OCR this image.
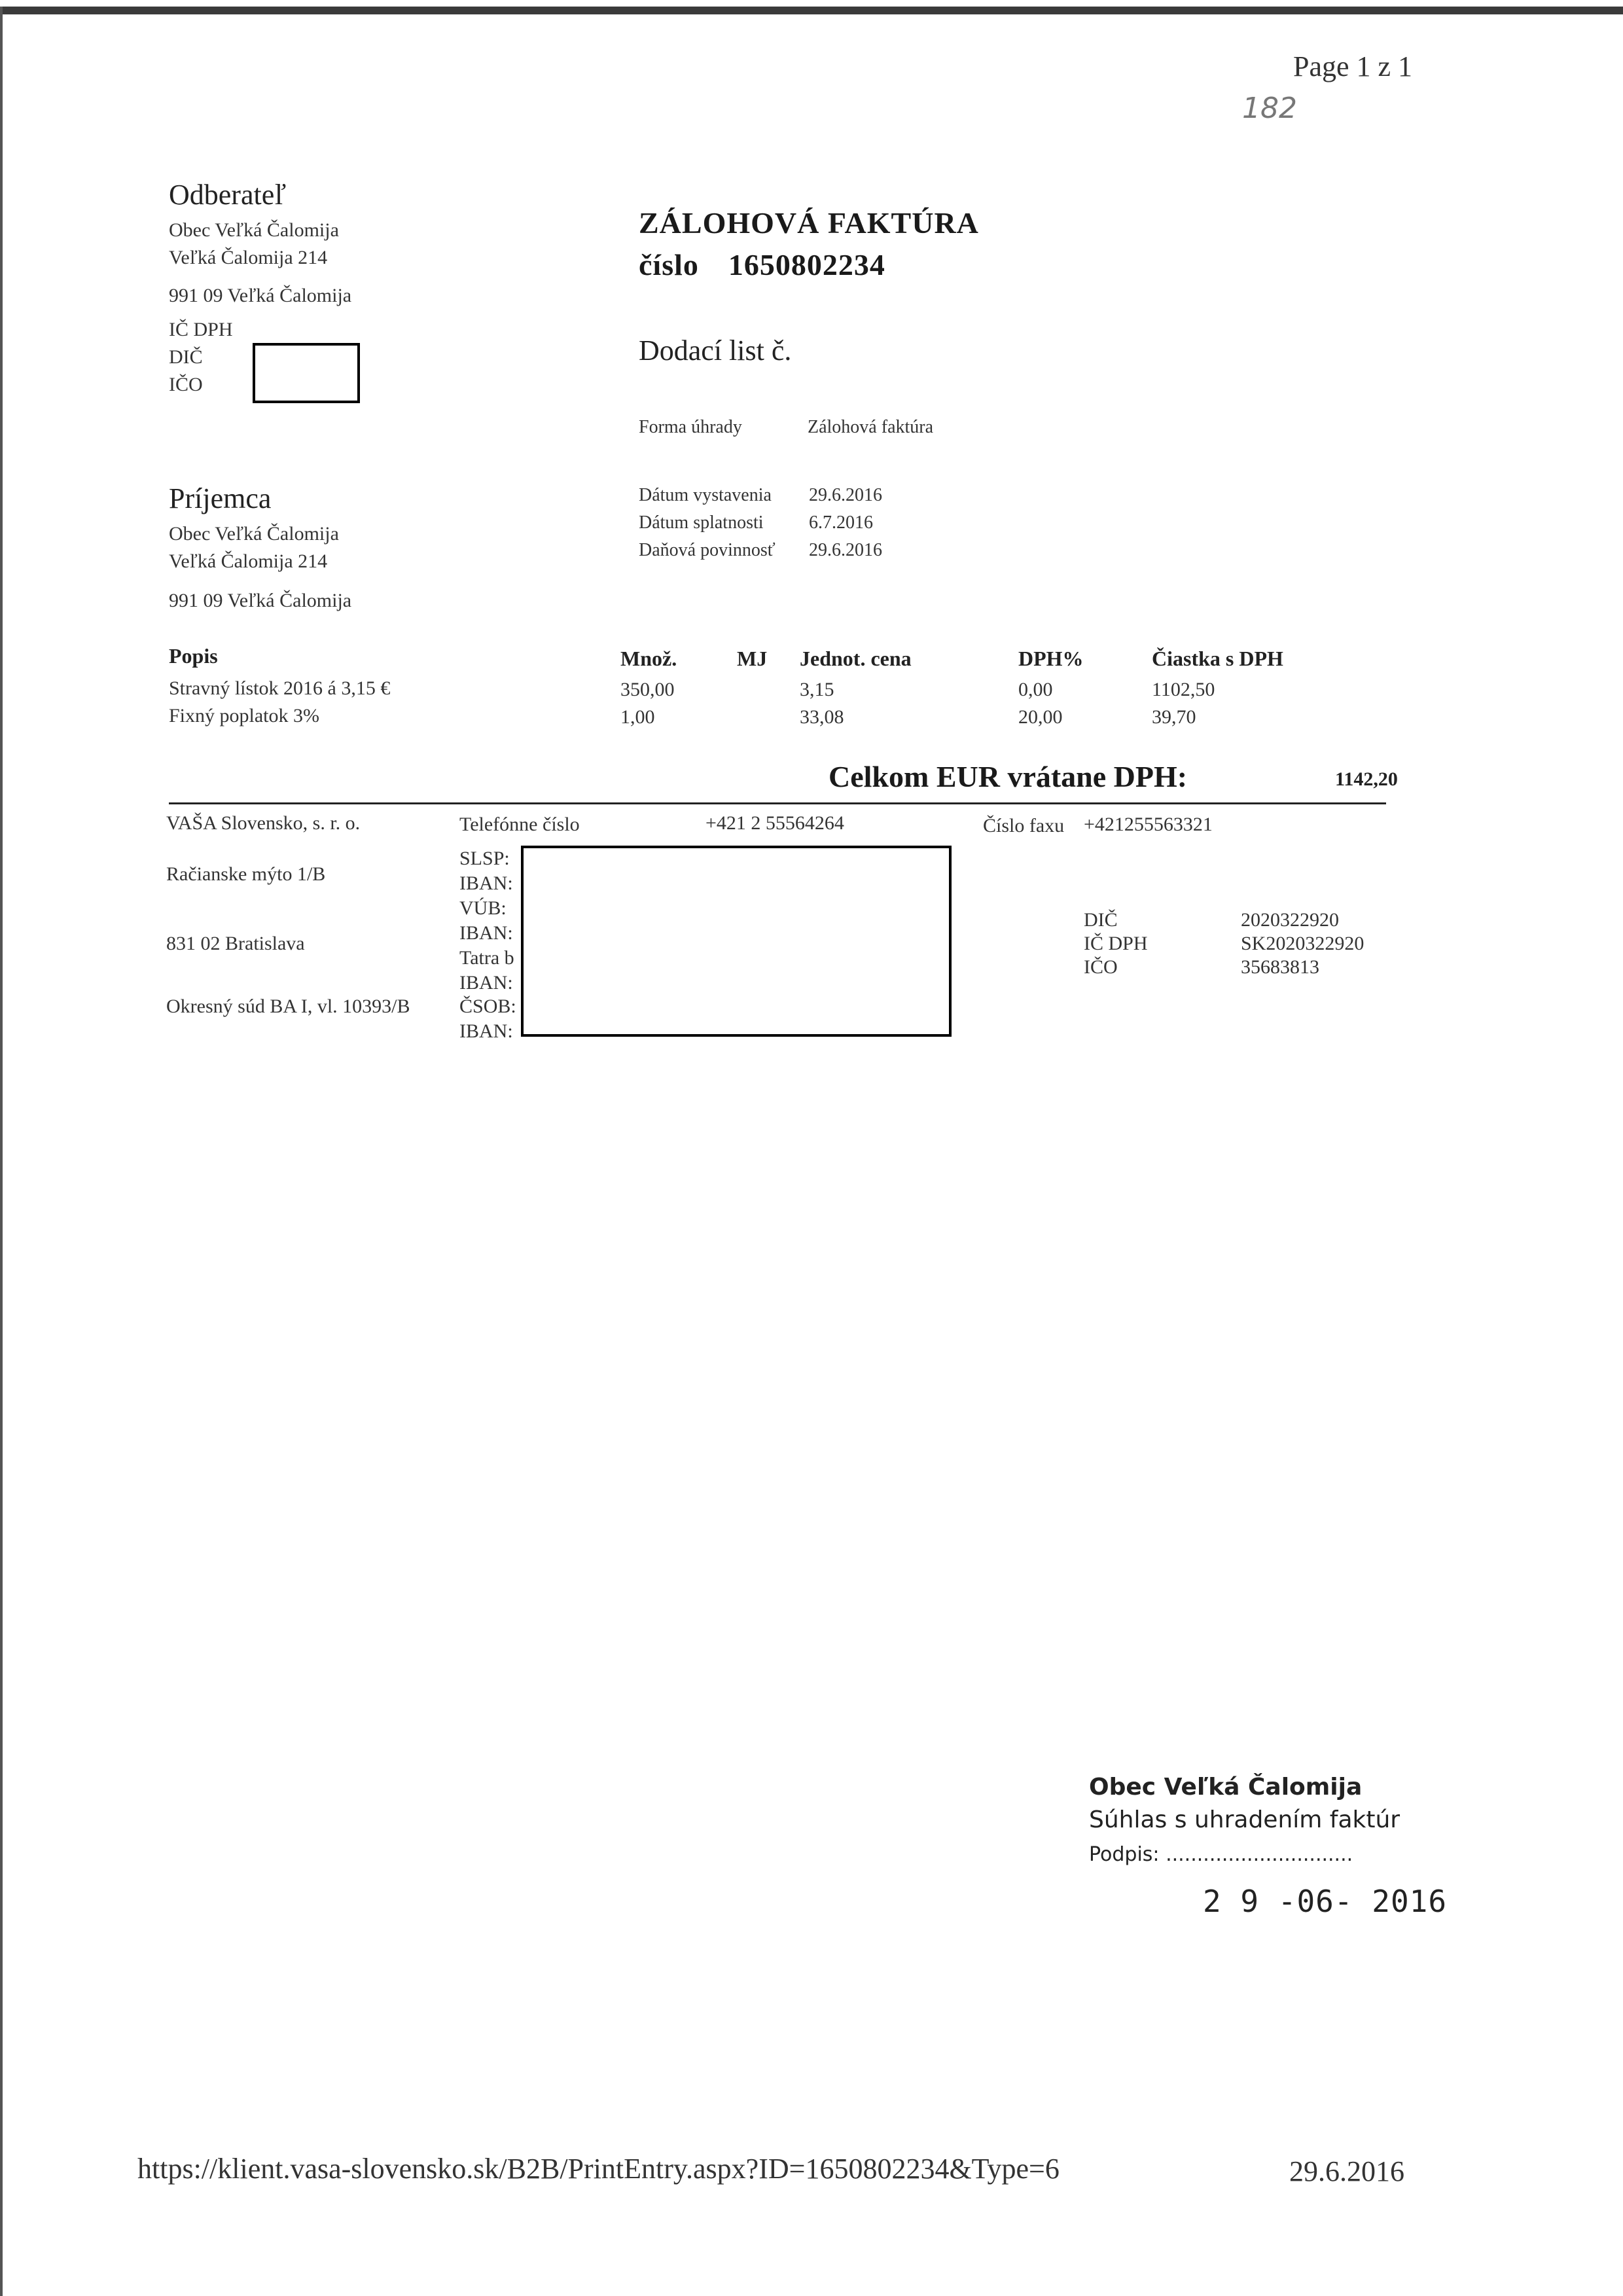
Page 1 z 1
182
Odberateľ
Obec Veľká Čalomija
Veľká Čalomija 214
991 09 Veľká Čalomija
IČ DPH
DIČ
IČO
ZÁLOHOVÁ FAKTÚRA
číslo 1650802234
Dodací list č.
Forma úhrady	Zálohová faktúra
Dátum vystavenia 29.6.2016
Dátum splatnosti 6.7.2016
Daňová povinnosť 29.6.2016
Príjemca
Obec Veľká Čalomija
Veľká Čalomija 214
991 09 Veľká Čalomija
Popis	Množ.	MJ Jednot. cena	DPH%	Čiastka s DPH
Stravný lístok 2016 á 3,15 €	350,00	3,15	0,00	1102,50
Fixný poplatok 3%	1,00	33,08	20,00	39,70
Celkom EUR vrátane DPH:	1142,20
VAŠA Slovensko, s. r. o.
Račianske mýto 1/B
831 02 Bratislava
Okresný súd BA I, vl. 10393/B
Telefónne číslo	+421 2 55564264	Číslo faxu +421255563321
SLSP:
IBAN:
VÚB:
IBAN:
Tatra b
IBAN:
ČSOB:
IBAN:
DIČ	2020322920
IČ DPH	SK2020322920
IČO	35683813
Obec Veľká Čalomija
Súhlas s uhradením faktúr
Podpis: ..............................
2 9 -06- 2016
https://klient.vasa-slovensko.sk/B2B/PrintEntry.aspx?ID=1650802234&Type=6	29.6.2016
